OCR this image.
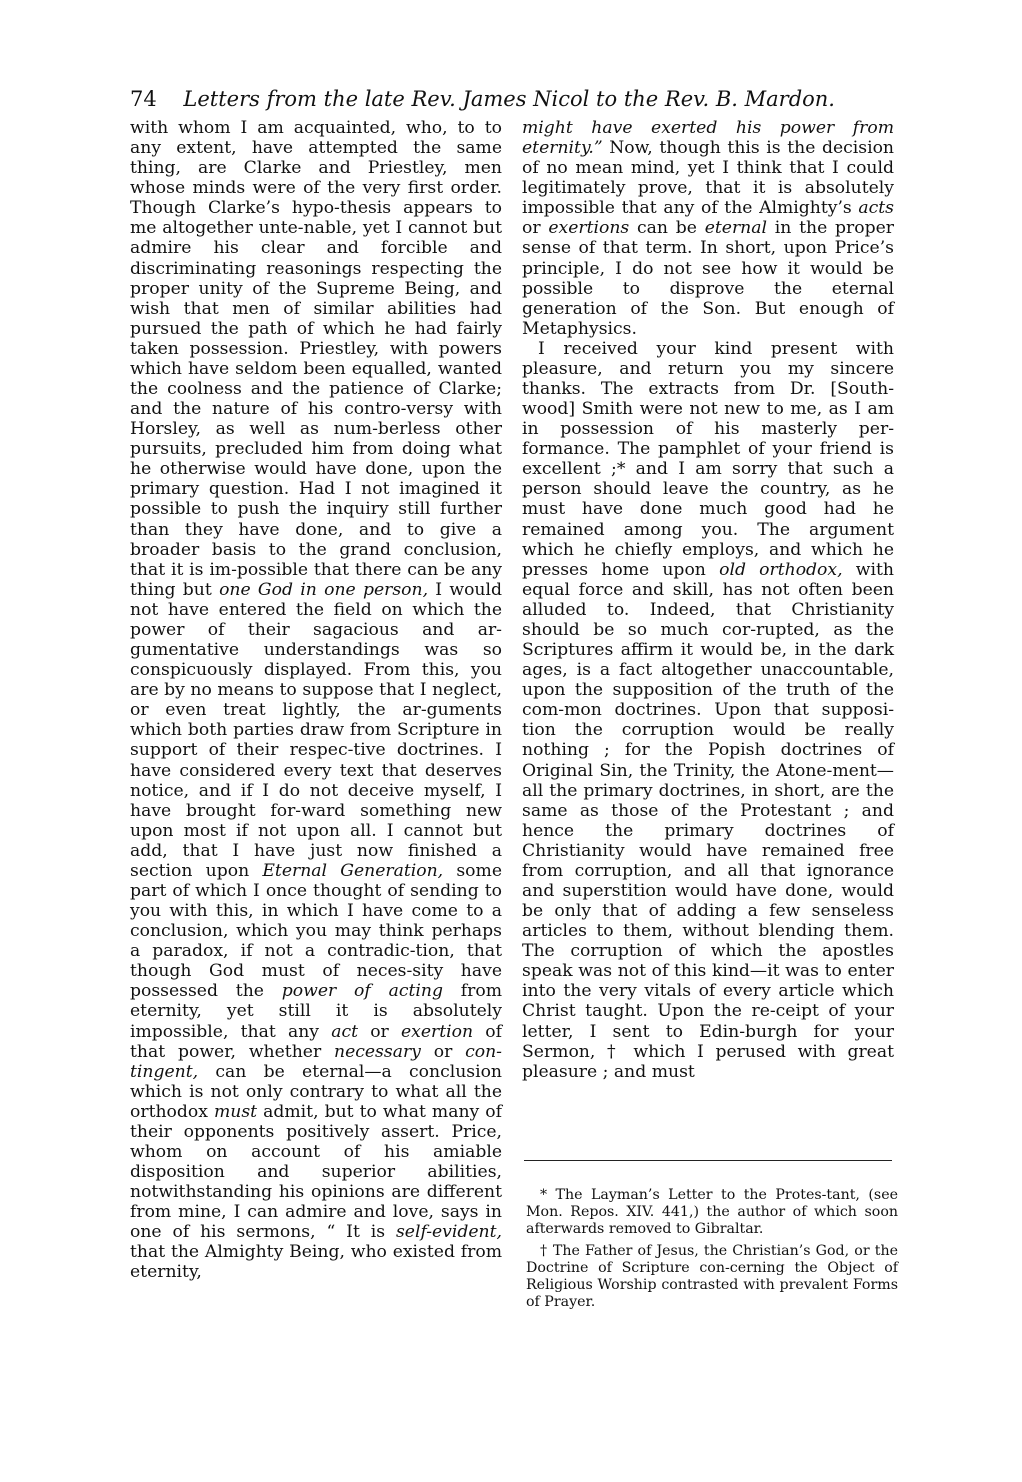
74 Letters from the late Rev. James Nicol to the Rev. B. Mardon.

with whom I am acquainted, who, to to any extent, have attempted the same thing, are Clarke and Priestley, men whose minds were of the very first order. Though Clarke’s hypo-thesis appears to me altogether unte-nable, yet I cannot but admire his clear and forcible and discriminating reasonings respecting the proper unity of the Supreme Being, and wish that men of similar abilities had pursued the path of which he had fairly taken possession. Priestley, with powers which have seldom been equalled, wanted the coolness and the patience of Clarke; and the nature of his contro-versy with Horsley, as well as num-berless other pursuits, precluded him from doing what he otherwise would have done, upon the primary question. Had I not imagined it possible to push the inquiry still further than they have done, and to give a broader basis to the grand conclusion, that it is im-possible that there can be any thing but one God in one person, I would not have entered the field on which the power of their sagacious and ar-gumentative understandings was so conspicuously displayed. From this, you are by no means to suppose that I neglect, or even treat lightly, the ar-guments which both parties draw from Scripture in support of their respec-tive doctrines. I have considered every text that deserves notice, and if I do not deceive myself, I have brought for-ward something new upon most if not upon all. I cannot but add, that I have just now finished a section upon Eternal Generation, some part of which I once thought of sending to you with this, in which I have come to a conclusion, which you may think perhaps a paradox, if not a contradic-tion, that though God must of neces-sity have possessed the power of acting from eternity, yet still it is absolutely impossible, that any act or exertion of that power, whether necessary or con-tingent, can be eternal—a conclusion which is not only contrary to what all the orthodox must admit, but to what many of their opponents positively assert. Price, whom on account of his amiable disposition and superior abilities, notwithstanding his opinions are different from mine, I can admire and love, says in one of his sermons, “ It is self-evident, that the Almighty Being, who existed from eternity,

might have exerted his power from eternity.” Now, though this is the decision of no mean mind, yet I think that I could legitimately prove, that it is absolutely impossible that any of the Almighty’s acts or exertions can be eternal in the proper sense of that term. In short, upon Price’s principle, I do not see how it would be possible to disprove the eternal generation of the Son. But enough of Metaphysics.

I received your kind present with pleasure, and return you my sincere thanks. The extracts from Dr. [South-wood] Smith were not new to me, as I am in possession of his masterly per-formance. The pamphlet of your friend is excellent ;* and I am sorry that such a person should leave the country, as he must have done much good had he remained among you. The argument which he chiefly employs, and which he presses home upon old orthodox, with equal force and skill, has not often been alluded to. Indeed, that Christianity should be so much cor-rupted, as the Scriptures affirm it would be, in the dark ages, is a fact altogether unaccountable, upon the supposition of the truth of the com-mon doctrines. Upon that supposi-tion the corruption would be really nothing ; for the Popish doctrines of Original Sin, the Trinity, the Atone-ment—all the primary doctrines, in short, are the same as those of the Protestant ; and hence the primary doctrines of Christianity would have remained free from corruption, and all that ignorance and superstition would have done, would be only that of adding a few senseless articles to them, without blending them. The corruption of which the apostles speak was not of this kind—it was to enter into the very vitals of every article which Christ taught. Upon the re-ceipt of your letter, I sent to Edin-burgh for your Sermon, † which I perused with great pleasure ; and must

* The Layman’s Letter to the Protes-tant, (see Mon. Repos. XIV. 441,) the author of which soon afterwards removed to Gibraltar.

† The Father of Jesus, the Christian’s God, or the Doctrine of Scripture con-cerning the Object of Religious Worship contrasted with prevalent Forms of Prayer.
